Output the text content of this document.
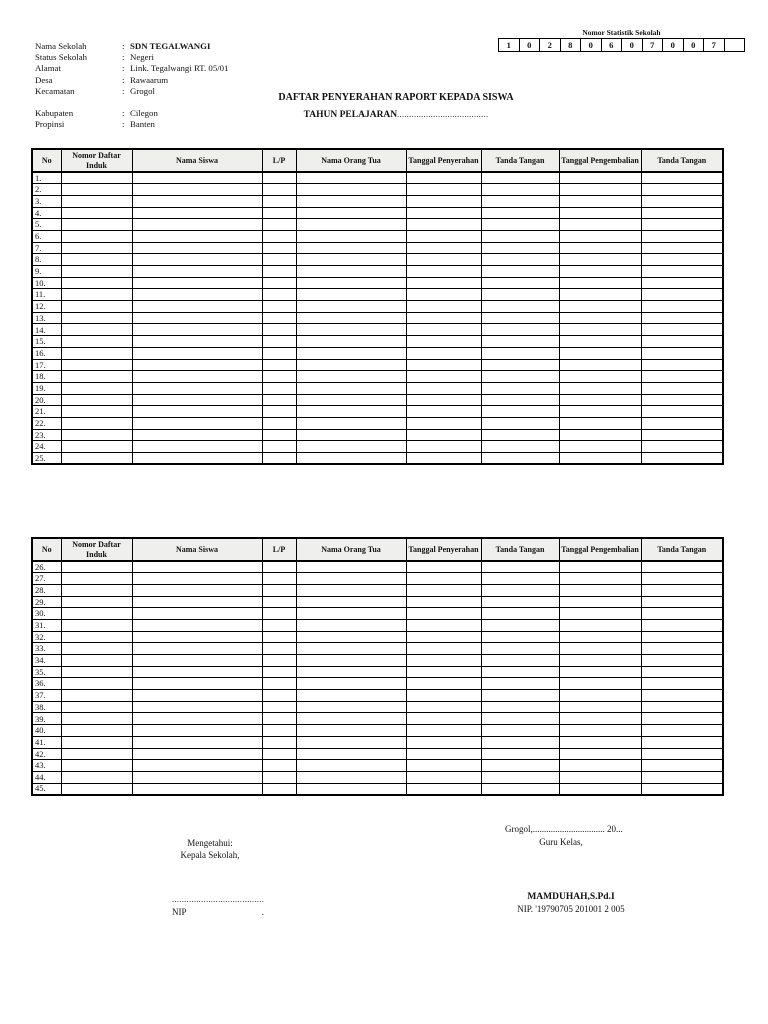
Nomor Statistik Sekolah
1	0	2	8	0	6	0	7	0	0	7
Nama Sekolah	: SDN TEGALWANGI
Status Sekolah	: Negeri
Alamat	: Link. Tegalwangi RT. 05/01
Desa	: Rawaarum
Kecamatan	: Grogol
Kabupaten	: Cilegon
Propinsi	: Banten
DAFTAR PENYERAHAN RAPORT KEPADA SISWA
TAHUN PELAJARAN......................................
No	Nomor Daftar Induk	Nama Siswa	L/P	Nama Orang Tua	Tanggal Penyerahan	Tanda Tangan	Tanggal Pengembalian	Tanda Tangan
1.								
2.								
3.								
4.								
5.								
6.								
7.								
8.								
9.								
10.								
11.								
12.								
13.								
14.								
15.								
16.								
17.								
18.								
19.								
20.								
21.								
22.								
23.								
24.								
25.								
No	Nomor Daftar Induk	Nama Siswa	L/P	Nama Orang Tua	Tanggal Penyerahan	Tanda Tangan	Tanggal Pengembalian	Tanda Tangan
26.								
27.								
28.								
29.								
30.								
31.								
32.								
33.								
34.								
35.								
36.								
37.								
38.								
39.								
40.								
41.								
42.								
43.								
44.								
45.								
Mengetahui:
Kepala Sekolah,
......................................
NIP	.
Grogol,................................ 20...
Guru Kelas,
MAMDUHAH,S.Pd.I
NIP. '19790705 201001 2 005
